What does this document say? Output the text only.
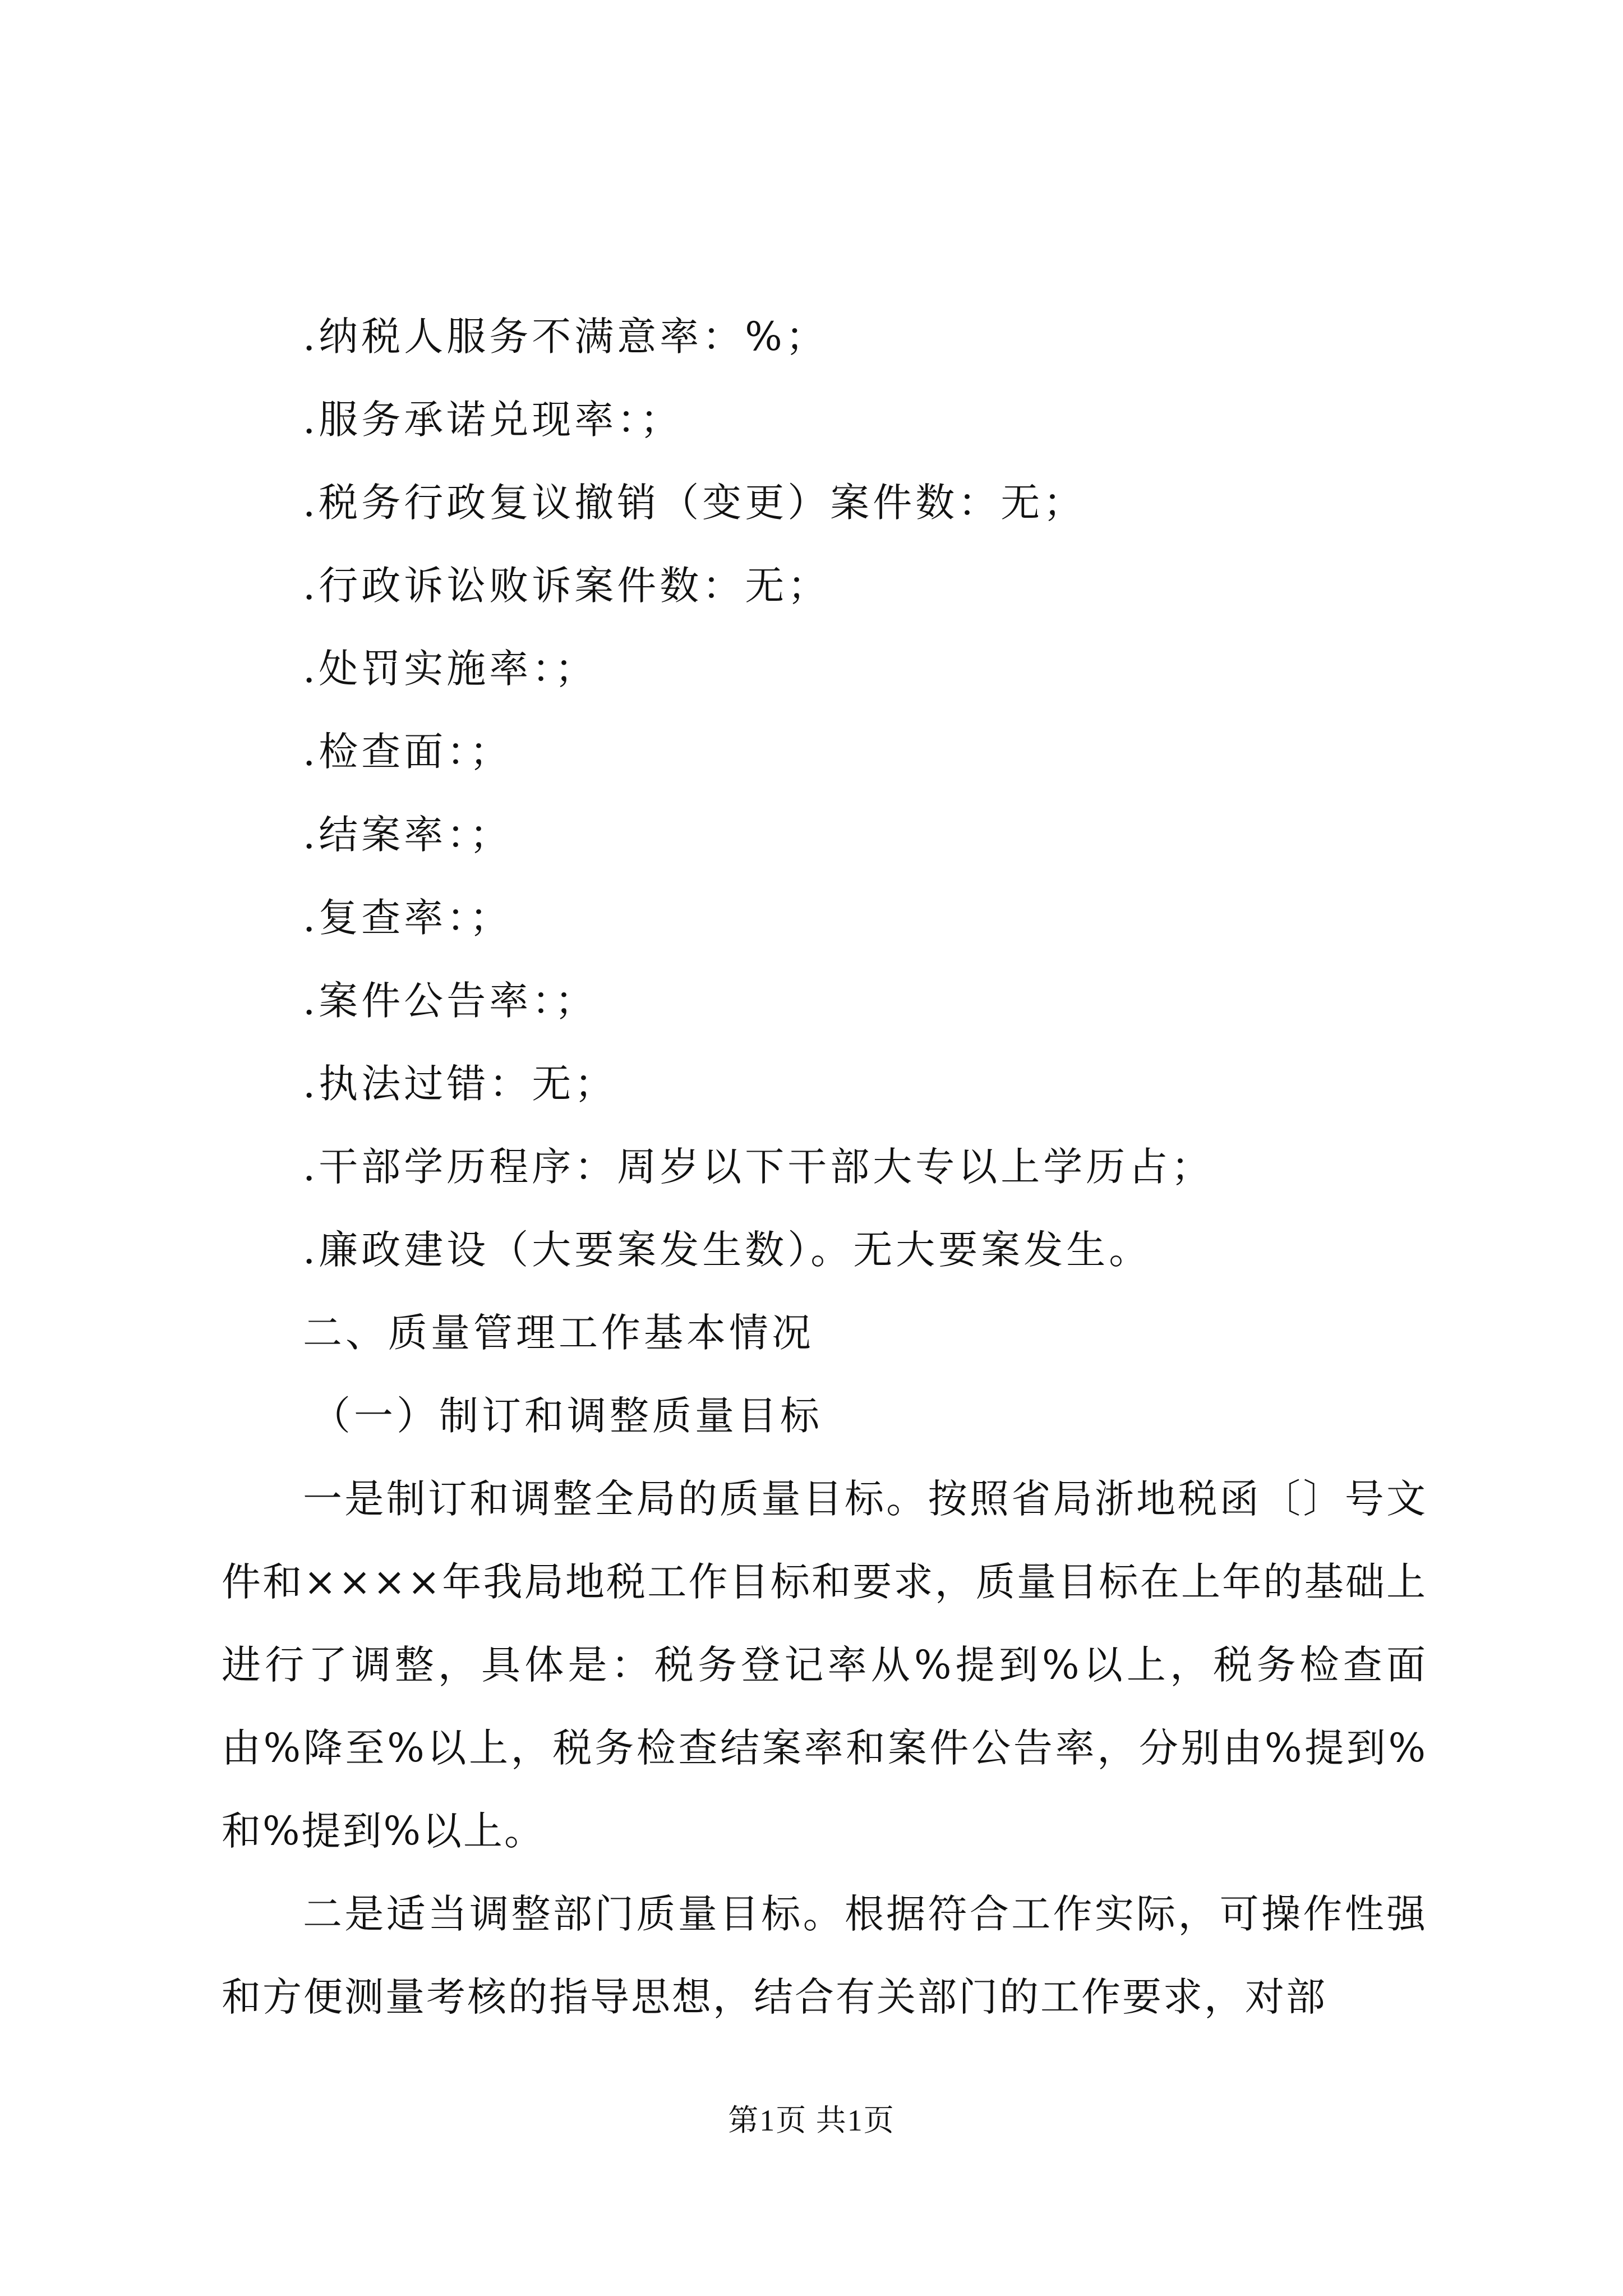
.纳税人服务不满意率：%；
.服务承诺兑现率：；
.税务行政复议撤销（变更）案件数：无；
.行政诉讼败诉案件数：无；
.处罚实施率：；
.检查面：；
.结案率：；
.复查率：；
.案件公告率：；
.执法过错：无；
.干部学历程序：周岁以下干部大专以上学历占；
.廉政建设（大要案发生数）。无大要案发生。
二、质量管理工作基本情况
（一）制订和调整质量目标
一是制订和调整全局的质量目标。按照省局浙地税函〔〕号文件和××××年我局地税工作目标和要求，质量目标在上年的基础上进行了调整，具体是：税务登记率从%提到%以上，税务检查面由%降至%以上，税务检查结案率和案件公告率，分别由%提到%和%提到%以上。
二是适当调整部门质量目标。根据符合工作实际，可操作性强和方便测量考核的指导思想，结合有关部门的工作要求，对部
第1页 共1页
